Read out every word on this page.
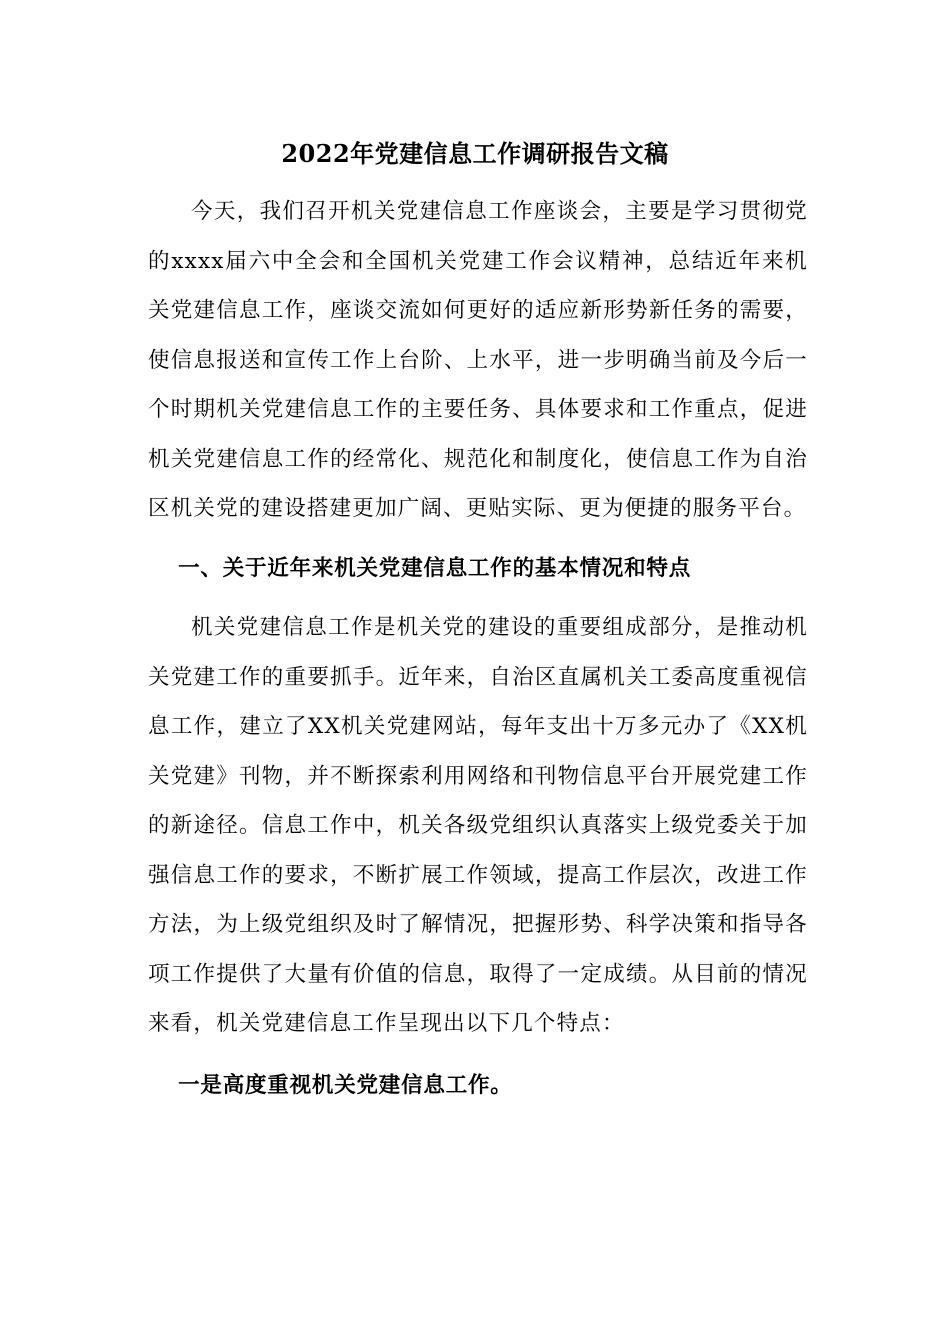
2022年党建信息工作调研报告文稿

今天，我们召开机关党建信息工作座谈会，主要是学习贯彻党的xxxx届六中全会和全国机关党建工作会议精神，总结近年来机关党建信息工作，座谈交流如何更好的适应新形势新任务的需要，使信息报送和宣传工作上台阶、上水平，进一步明确当前及今后一个时期机关党建信息工作的主要任务、具体要求和工作重点，促进机关党建信息工作的经常化、规范化和制度化，使信息工作为自治区机关党的建设搭建更加广阔、更贴实际、更为便捷的服务平台。

一、关于近年来机关党建信息工作的基本情况和特点

机关党建信息工作是机关党的建设的重要组成部分，是推动机关党建工作的重要抓手。近年来，自治区直属机关工委高度重视信息工作，建立了XX机关党建网站，每年支出十万多元办了《XX机关党建》刊物，并不断探索利用网络和刊物信息平台开展党建工作的新途径。信息工作中，机关各级党组织认真落实上级党委关于加强信息工作的要求，不断扩展工作领域，提高工作层次，改进工作方法，为上级党组织及时了解情况，把握形势、科学决策和指导各项工作提供了大量有价值的信息，取得了一定成绩。从目前的情况来看，机关党建信息工作呈现出以下几个特点：

一是高度重视机关党建信息工作。
